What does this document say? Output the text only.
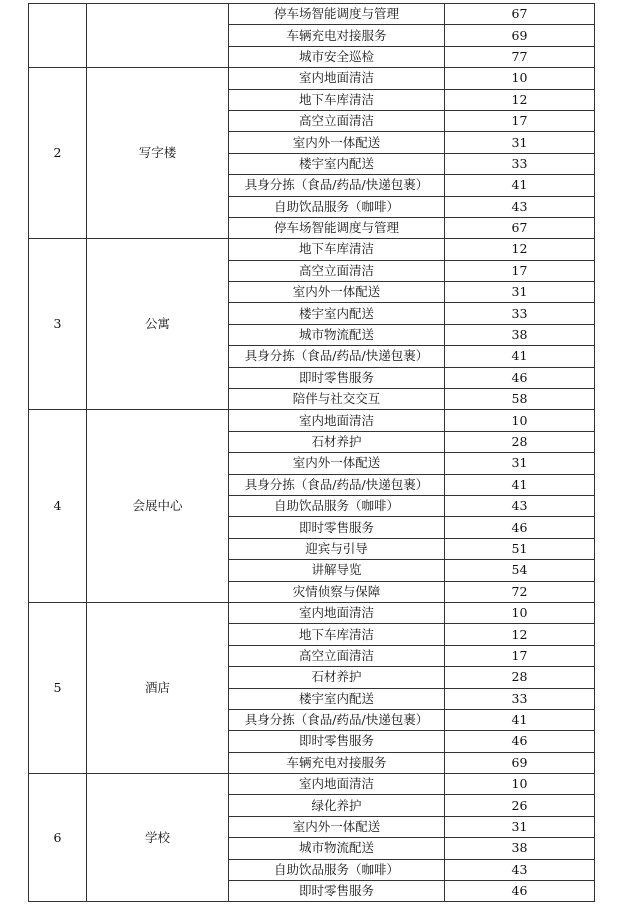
		停车场智能调度与管理	67
		车辆充电对接服务	69
		城市安全巡检	77
2	写字楼	室内地面清洁	10
		地下车库清洁	12
		高空立面清洁	17
		室内外一体配送	31
		楼宇室内配送	33
		具身分拣（食品/药品/快递包裹）	41
		自助饮品服务（咖啡）	43
		停车场智能调度与管理	67
3	公寓	地下车库清洁	12
		高空立面清洁	17
		室内外一体配送	31
		楼宇室内配送	33
		城市物流配送	38
		具身分拣（食品/药品/快递包裹）	41
		即时零售服务	46
		陪伴与社交交互	58
4	会展中心	室内地面清洁	10
		石材养护	28
		室内外一体配送	31
		具身分拣（食品/药品/快递包裹）	41
		自助饮品服务（咖啡）	43
		即时零售服务	46
		迎宾与引导	51
		讲解导览	54
		灾情侦察与保障	72
5	酒店	室内地面清洁	10
		地下车库清洁	12
		高空立面清洁	17
		石材养护	28
		楼宇室内配送	33
		具身分拣（食品/药品/快递包裹）	41
		即时零售服务	46
		车辆充电对接服务	69
6	学校	室内地面清洁	10
		绿化养护	26
		室内外一体配送	31
		城市物流配送	38
		自助饮品服务（咖啡）	43
		即时零售服务	46
